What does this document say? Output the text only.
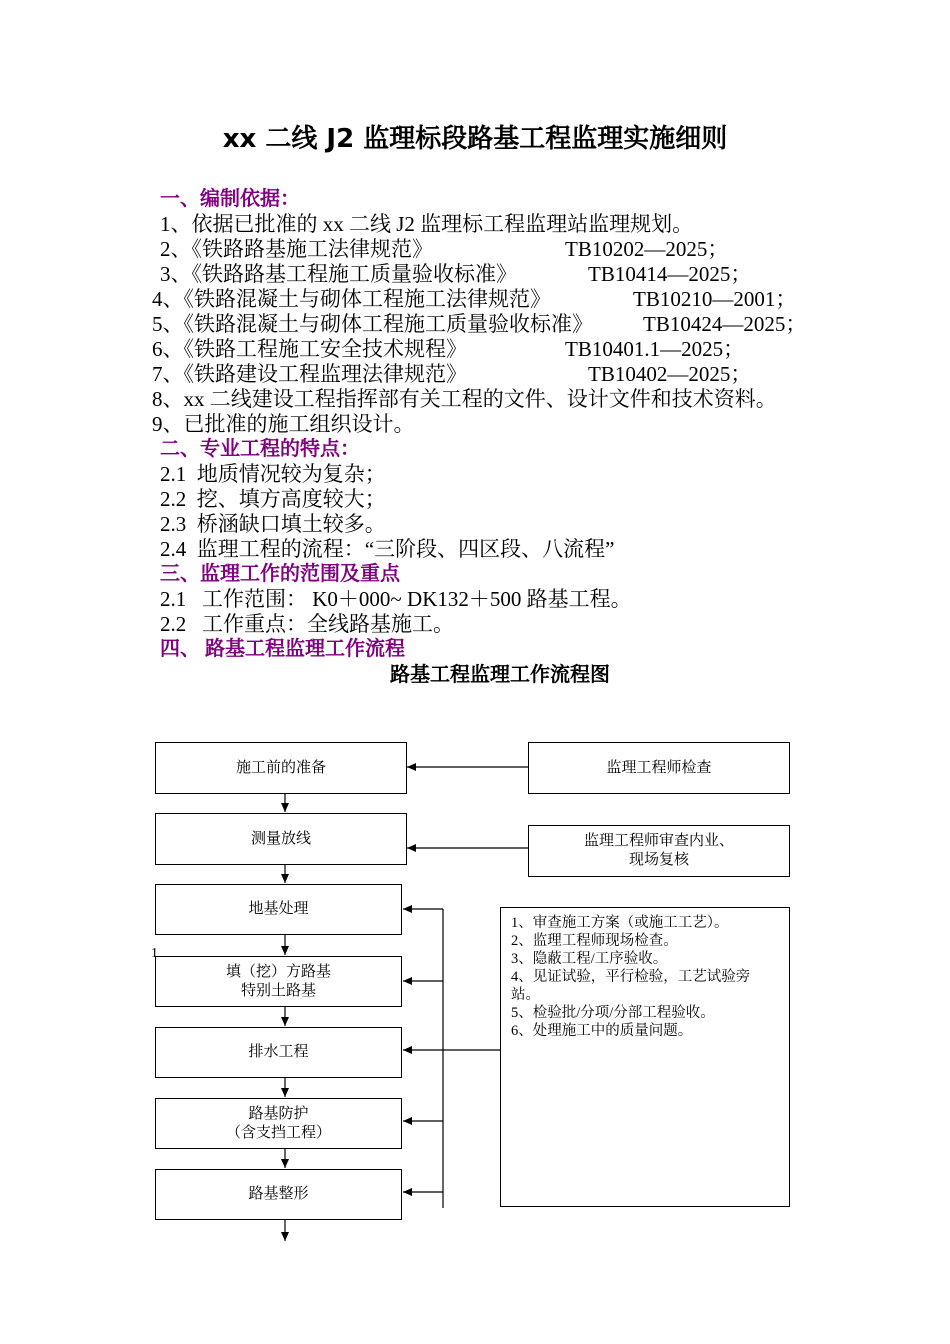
xx 二线 J2 监理标段路基工程监理实施细则
一、编制依据：
1、依据已批准的 xx 二线 J2 监理标工程监理站监理规划。
2、《铁路路基施工法律规范》	TB10202—2025；
3、《铁路路基工程施工质量验收标准》	TB10414—2025；
4、《铁路混凝土与砌体工程施工法律规范》	TB10210—2001；
5、《铁路混凝土与砌体工程施工质量验收标准》 TB10424—2025；
6、《铁路工程施工安全技术规程》	TB10401.1—2025；
7、《铁路建设工程监理法律规范》	TB10402—2025；
8、xx 二线建设工程指挥部有关工程的文件、设计文件和技术资料。
9、已批准的施工组织设计。
二、专业工程的特点：
2.1  地质情况较为复杂；
2.2  挖、填方高度较大；
2.3  桥涵缺口填土较多。
2.4  监理工程的流程：“三阶段、四区段、八流程”
三、监理工作的范围及重点
2.1   工作范围： K0＋000~ DK132＋500 路基工程。
2.2   工作重点：全线路基施工。
四、 路基工程监理工作流程
路基工程监理工作流程图
施工前的准备
测量放线
地基处理
填（挖）方路基
特别土路基
排水工程
路基防护
（含支挡工程）
路基整形
监理工程师检查
监理工程师审查内业、
现场复核
1、审查施工方案（或施工工艺）。
2、监理工程师现场检查。
3、隐蔽工程/工序验收。
4、见证试验，平行检验，工艺试验旁站。
5、检验批/分项/分部工程验收。
6、处理施工中的质量问题。
1
